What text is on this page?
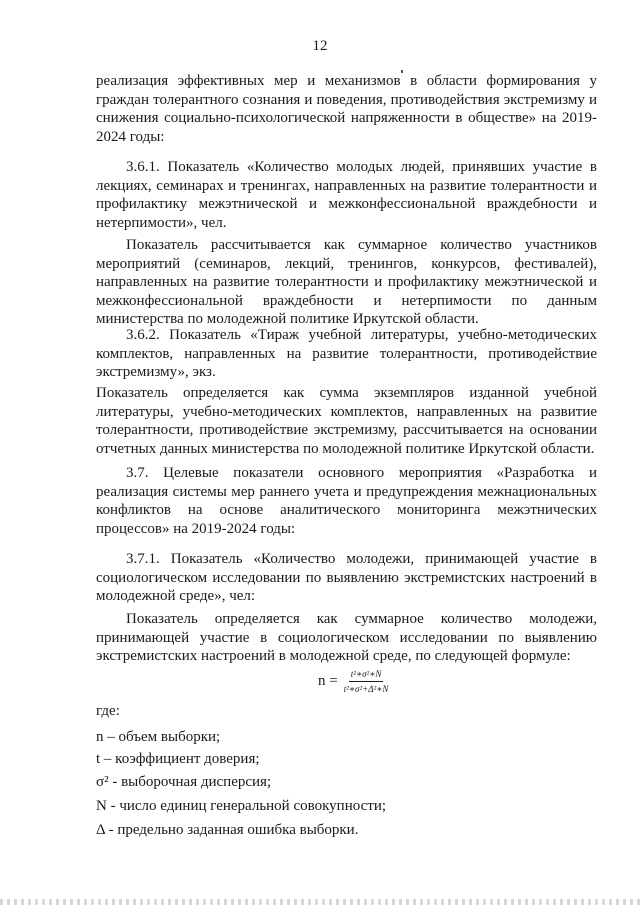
12
реализация эффективных мер и механизмов в области формирования у граждан толерантного сознания и поведения, противодействия экстремизму и снижения социально-психологической напряженности в обществе» на 2019-2024 годы:
3.6.1. Показатель «Количество молодых людей, принявших участие в лекциях, семинарах и тренингах, направленных на развитие толерантности и профилактику межэтнической и межконфессиональной враждебности и нетерпимости», чел.
Показатель рассчитывается как суммарное количество участников мероприятий (семинаров, лекций, тренингов, конкурсов, фестивалей), направленных на развитие толерантности и профилактику межэтнической и межконфессиональной враждебности и нетерпимости по данным министерства по молодежной политике Иркутской области.
3.6.2. Показатель «Тираж учебной литературы, учебно-методических комплектов, направленных на развитие толерантности, противодействие экстремизму», экз.
Показатель определяется как сумма экземпляров изданной учебной литературы, учебно-методических комплектов, направленных на развитие толерантности, противодействие экстремизму, рассчитывается на основании отчетных данных министерства по молодежной политике Иркутской области.
3.7. Целевые показатели основного мероприятия «Разработка и реализация системы мер раннего учета и предупреждения межнациональных конфликтов на основе аналитического мониторинга межэтнических процессов» на 2019-2024 годы:
3.7.1. Показатель «Количество молодежи, принимающей участие в социологическом исследовании по выявлению экстремистских настроений в молодежной среде», чел:
Показатель определяется как суммарное количество молодежи, принимающей участие в социологическом исследовании по выявлению экстремистских настроений в молодежной среде, по следующей формуле:
$n = \frac{\text{t²∗σ²∗N}}{\text{t²∗σ²+Δ²∗N}}$
где:
n – объем выборки;
t – коэффициент доверия;
σ² - выборочная дисперсия;
N - число единиц генеральной совокупности;
Δ - предельно заданная ошибка выборки.
